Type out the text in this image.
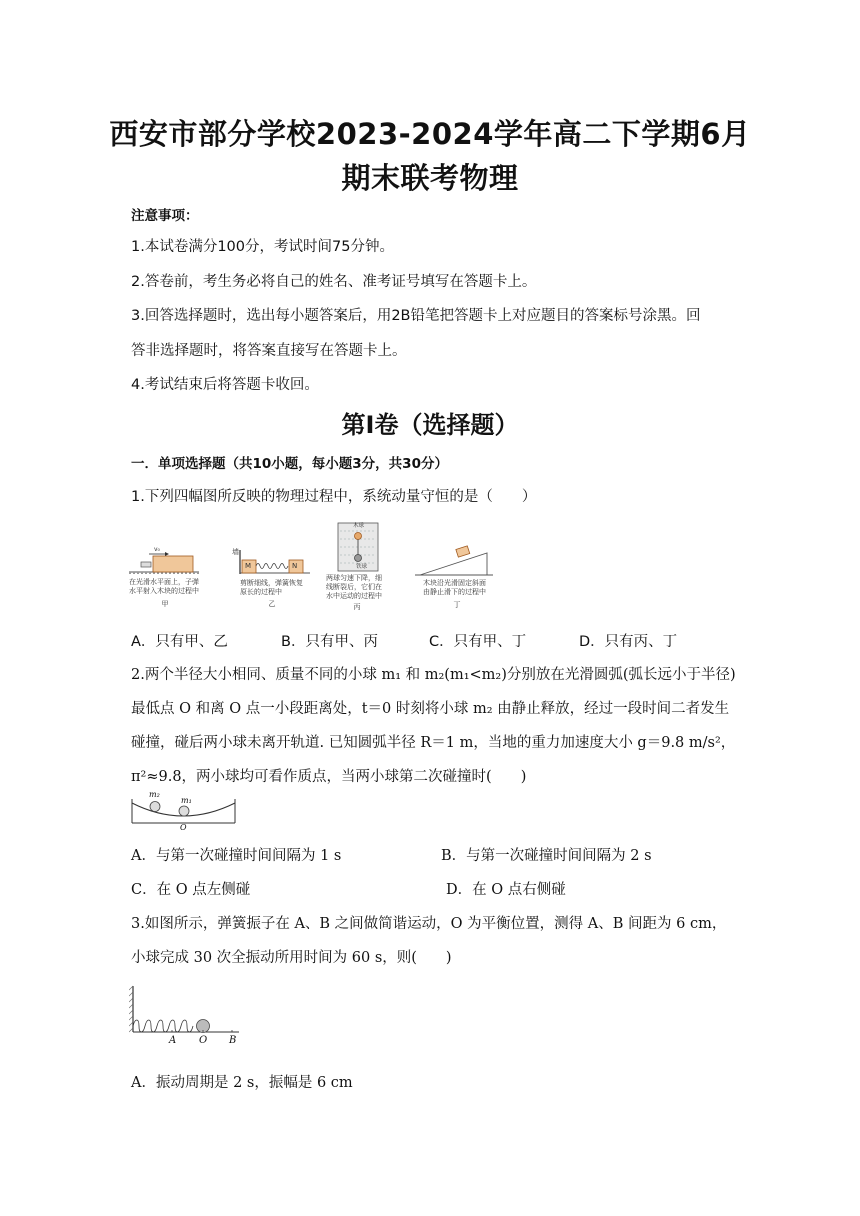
西安市部分学校2023-2024学年高二下学期6月
期末联考物理
注意事项：
1.本试卷满分100分，考试时间75分钟。
2.答卷前，考生务必将自己的姓名、准考证号填写在答题卡上。
3.回答选择题时，选出每小题答案后，用2B铅笔把答题卡上对应题目的答案标号涂黑。回
答非选择题时，将答案直接写在答题卡上。
4.考试结束后将答题卡收回。
第I卷（选择题）
一．单项选择题（共10小题，每小题3分，共30分）
1.下列四幅图所反映的物理过程中，系统动量守恒的是（　　）
v₀
在光滑水平面上，子弹水平射入木块的过程中
甲
墙
M	N
剪断细线，弹簧恢复原长的过程中
乙
木球
铁球
两球匀速下降，细线断裂后，它们在水中运动的过程中
丙
木块沿光滑固定斜面由静止滑下的过程中
丁
A．只有甲、乙	B．只有甲、丙	C．只有甲、丁	D．只有丙、丁
2.两个半径大小相同、质量不同的小球 m₁ 和 m₂(m₁<m₂)分别放在光滑圆弧(弧长远小于半径)
最低点 O 和离 O 点一小段距离处，t＝0 时刻将小球 m₂ 由静止释放，经过一段时间二者发生
碰撞，碰后两小球未离开轨道. 已知圆弧半径 R＝1 m，当地的重力加速度大小 g＝9.8 m/s²，
π²≈9.8，两小球均可看作质点，当两小球第二次碰撞时(　　)
m₂
m₁
O
A．与第一次碰撞时间间隔为 1 s	B．与第一次碰撞时间间隔为 2 s
C．在 O 点左侧碰	D．在 O 点右侧碰
3.如图所示，弹簧振子在 A、B 之间做简谐运动，O 为平衡位置，测得 A、B 间距为 6 cm，
小球完成 30 次全振动所用时间为 60 s，则(　　)
A O B
A．振动周期是 2 s，振幅是 6 cm
